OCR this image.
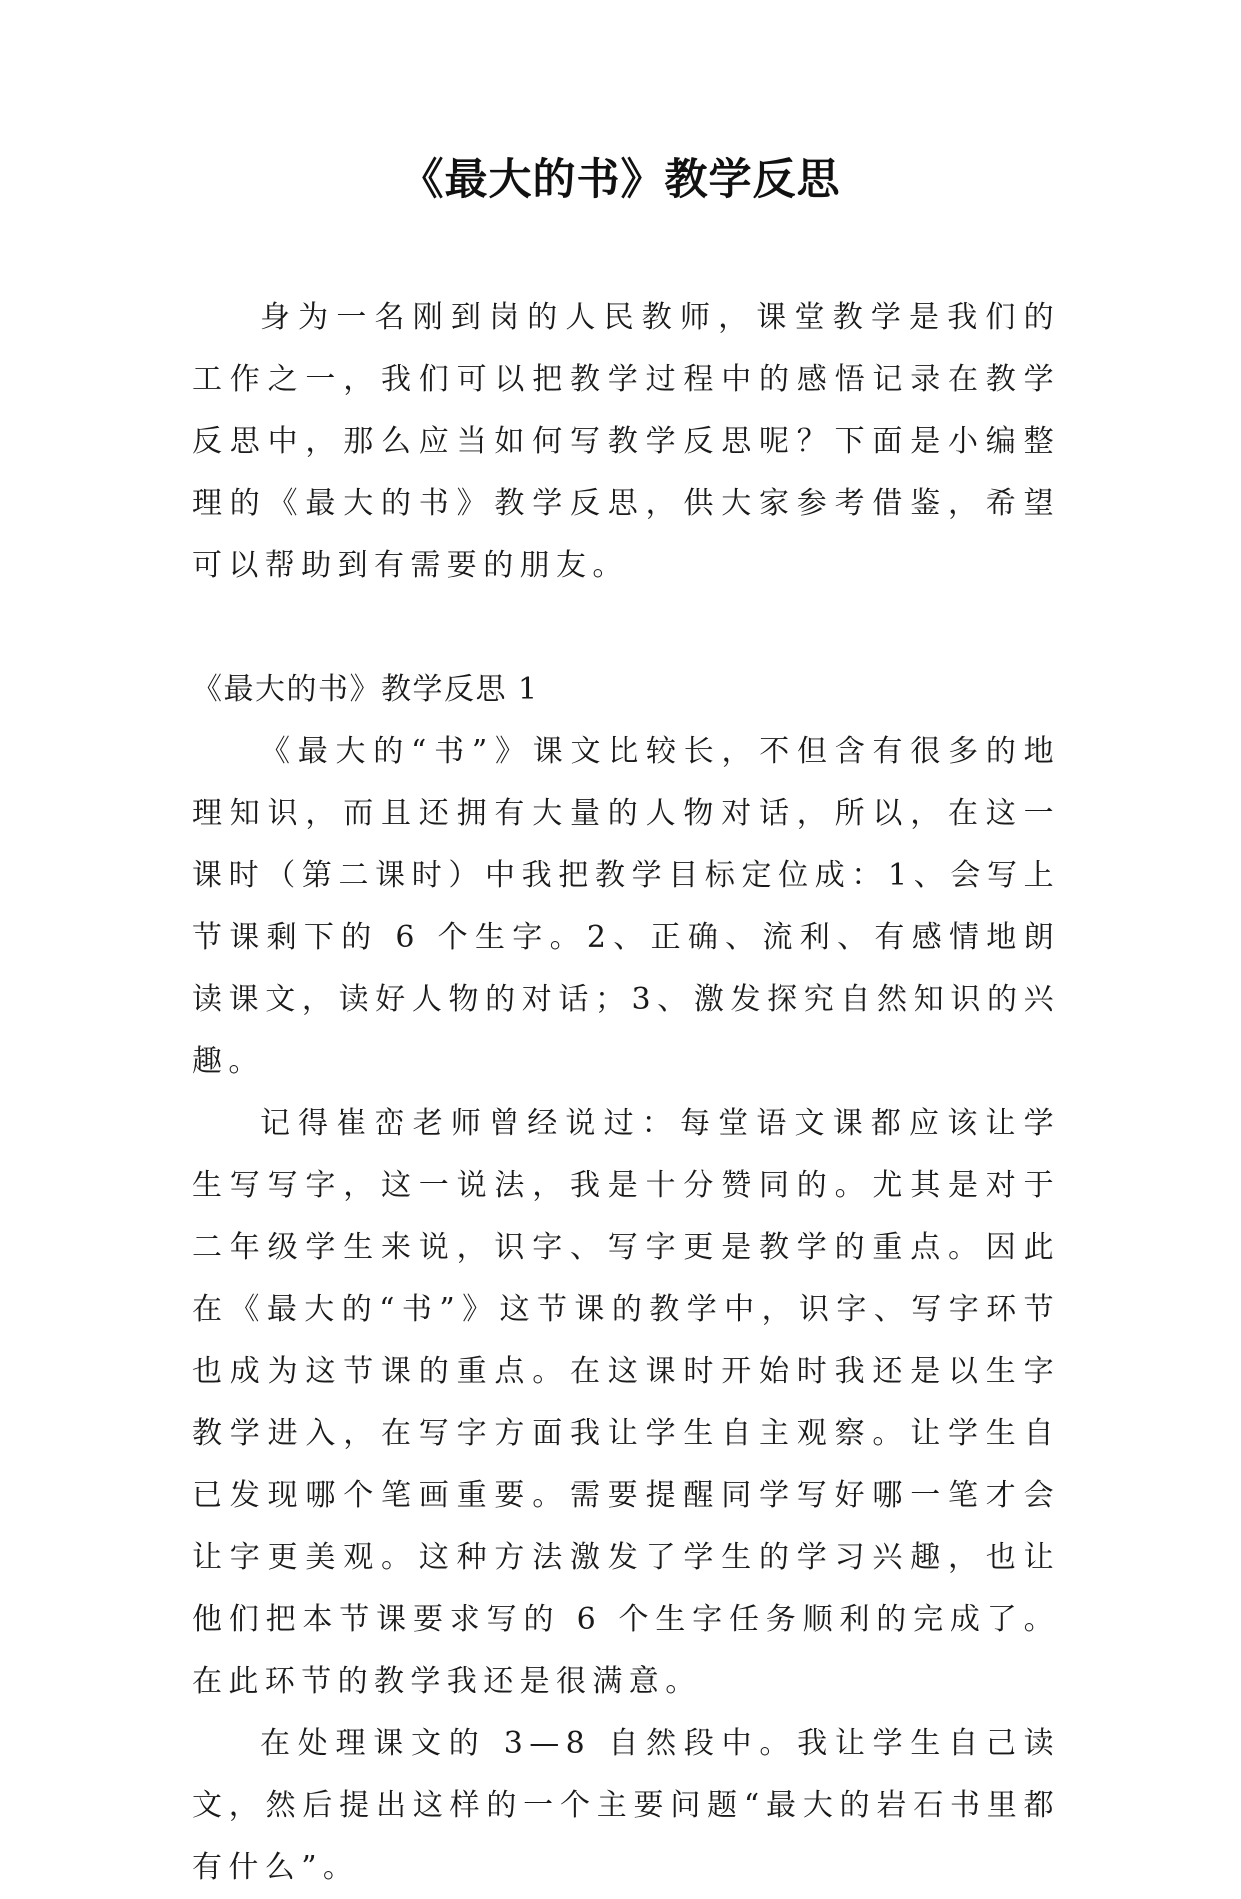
《最大的书》教学反思

身为一名刚到岗的人民教师，课堂教学是我们的工作之一，我们可以把教学过程中的感悟记录在教学反思中，那么应当如何写教学反思呢？下面是小编整理的《最大的书》教学反思，供大家参考借鉴，希望可以帮助到有需要的朋友。

《最大的书》教学反思 1

《最大的“书”》课文比较长，不但含有很多的地理知识，而且还拥有大量的人物对话，所以，在这一课时（第二课时）中我把教学目标定位成：1、会写上节课剩下的 6 个生字。2、正确、流利、有感情地朗读课文，读好人物的对话；3、激发探究自然知识的兴趣。

记得崔峦老师曾经说过：每堂语文课都应该让学生写写字，这一说法，我是十分赞同的。尤其是对于二年级学生来说，识字、写字更是教学的重点。因此在《最大的“书”》这节课的教学中，识字、写字环节也成为这节课的重点。在这课时开始时我还是以生字教学进入，在写字方面我让学生自主观察。让学生自已发现哪个笔画重要。需要提醒同学写好哪一笔才会让字更美观。这种方法激发了学生的学习兴趣，也让他们把本节课要求写的 6 个生字任务顺利的完成了。在此环节的教学我还是很满意。

在处理课文的 3—8 自然段中。我让学生自己读文，然后提出这样的一个主要问题“最大的岩石书里都有什么”。
